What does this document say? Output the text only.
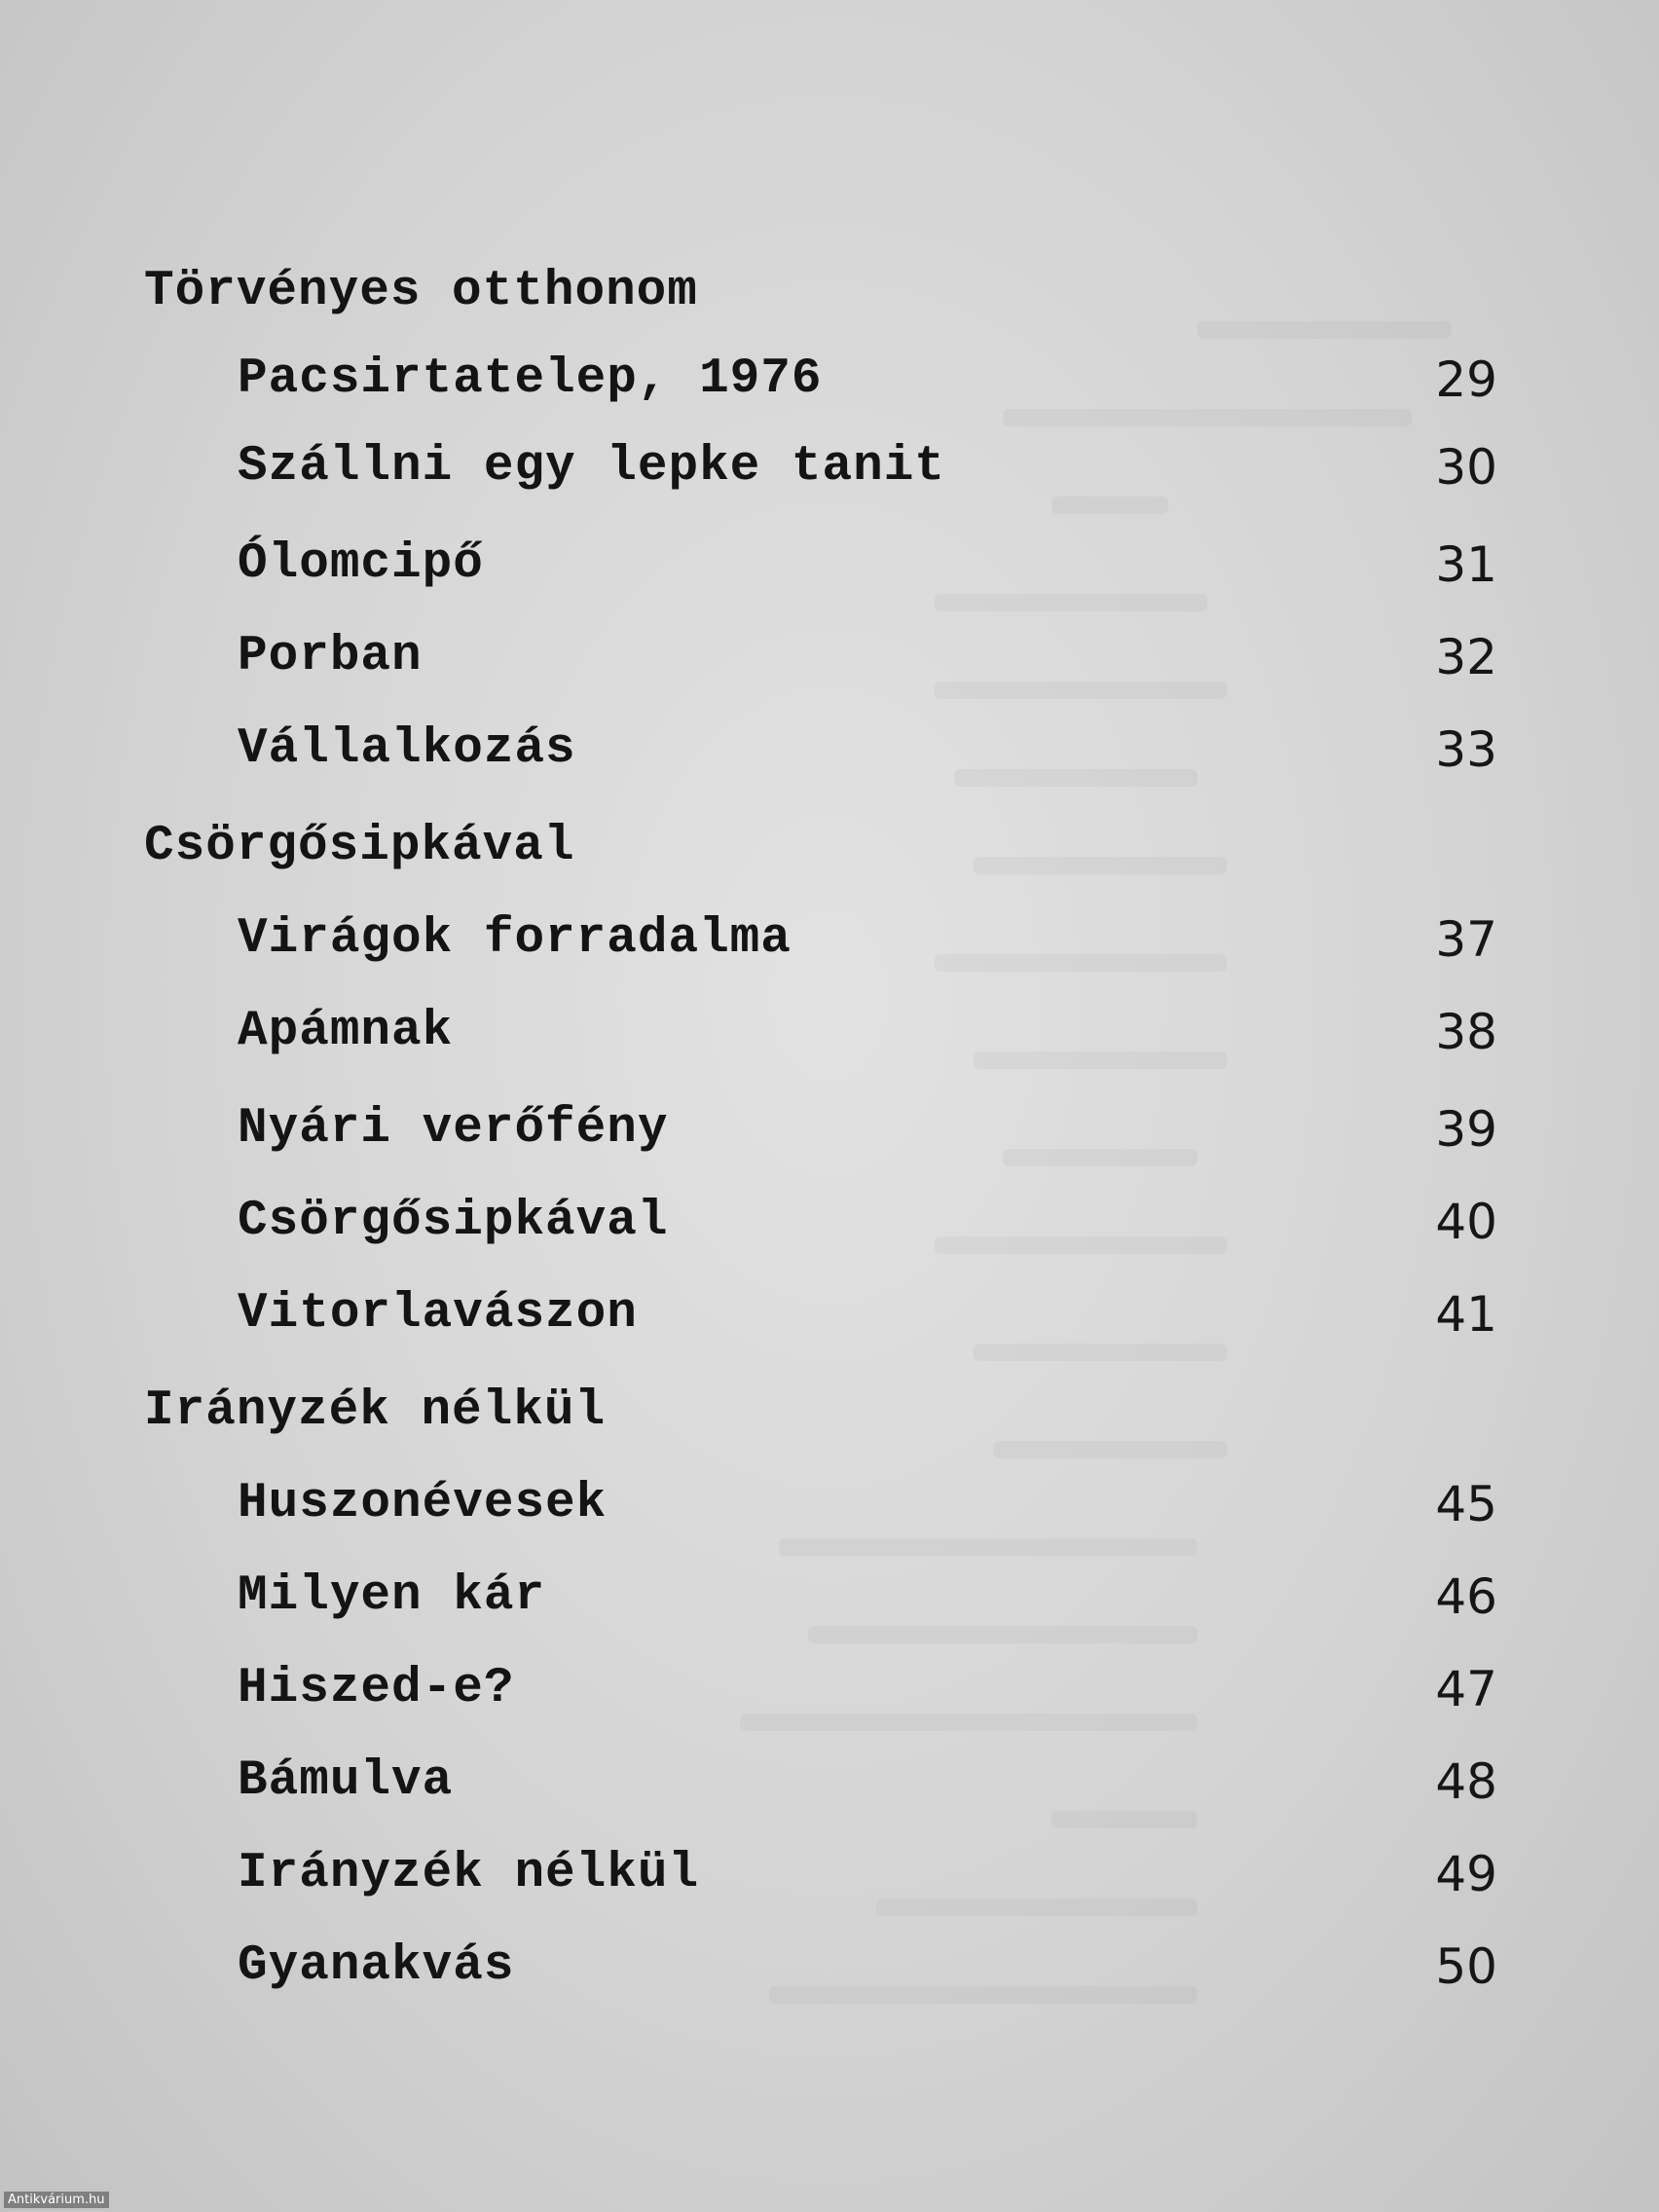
Törvényes otthonom
Pacsirtatelep, 1976	29
Szállni egy lepke tanit	30
Ólomcipő	31
Porban	32
Vállalkozás	33
Csörgősipkával
Virágok forradalma	37
Apámnak	38
Nyári verőfény	39
Csörgősipkával	40
Vitorlavászon	41
Irányzék nélkül
Huszonévesek	45
Milyen kár	46
Hiszed-e?	47
Bámulva	48
Irányzék nélkül	49
Gyanakvás	50
Antikvárium.hu
